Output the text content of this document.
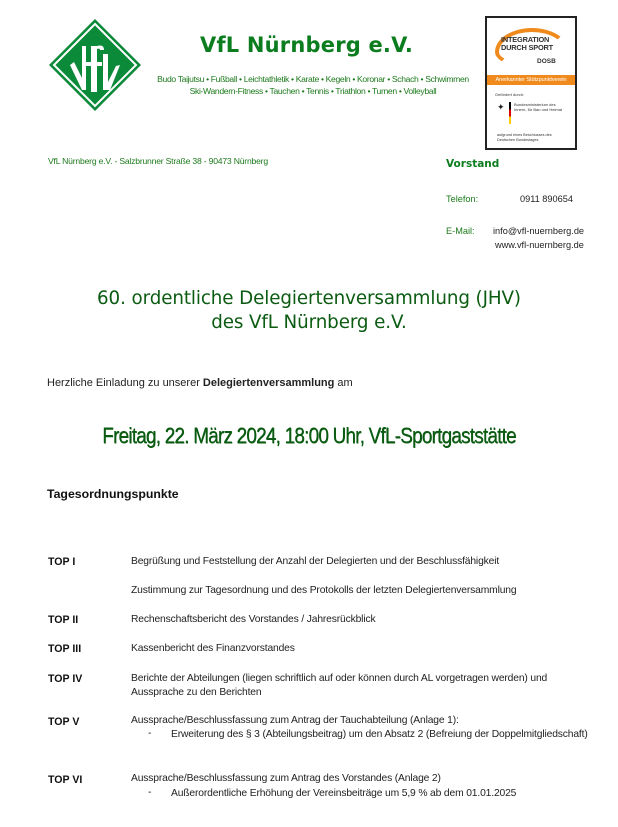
VfL Nürnberg e.V.
Budo Taijutsu • Fußball • Leichtathletik • Karate • Kegeln • Koronar • Schach • Schwimmen
Ski-Wandern-Fitness • Tauchen • Tennis • Triathlon • Turnen • Volleyball
INTEGRATION
DURCH SPORT
DOSB
Anerkannter Stützpunktverein
Gefördert durch:
✦ Bundesministerium des Innern, für Bau und Heimat
aufgrund eines Beschlusses des Deutschen Bundestages
VfL Nürnberg e.V. - Salzbrunner Straße 38 - 90473 Nürnberg	Vorstand
Telefon:	0911 890654
E-Mail: info@vfl-nuernberg.de
www.vfl-nuernberg.de
60. ordentliche Delegiertenversammlung (JHV)
des VfL Nürnberg e.V.
Herzliche Einladung zu unserer Delegiertenversammlung am
Freitag, 22. März 2024, 18:00 Uhr, VfL-Sportgaststätte
Tagesordnungspunkte
TOP I	Begrüßung und Feststellung der Anzahl der Delegierten und der Beschlussfähigkeit
Zustimmung zur Tagesordnung und des Protokolls der letzten Delegiertenversammlung
TOP II	Rechenschaftsbericht des Vorstandes / Jahresrückblick
TOP III	Kassenbericht des Finanzvorstandes
TOP IV	Berichte der Abteilungen (liegen schriftlich auf oder können durch AL vorgetragen werden) und Aussprache zu den Berichten
TOP V	Aussprache/Beschlussfassung zum Antrag der Tauchabteilung (Anlage 1):
- Erweiterung des § 3 (Abteilungsbeitrag) um den Absatz 2 (Befreiung der Doppelmitgliedschaft)
TOP VI	Aussprache/Beschlussfassung zum Antrag des Vorstandes (Anlage 2)
- Außerordentliche Erhöhung der Vereinsbeiträge um 5,9 % ab dem 01.01.2025
